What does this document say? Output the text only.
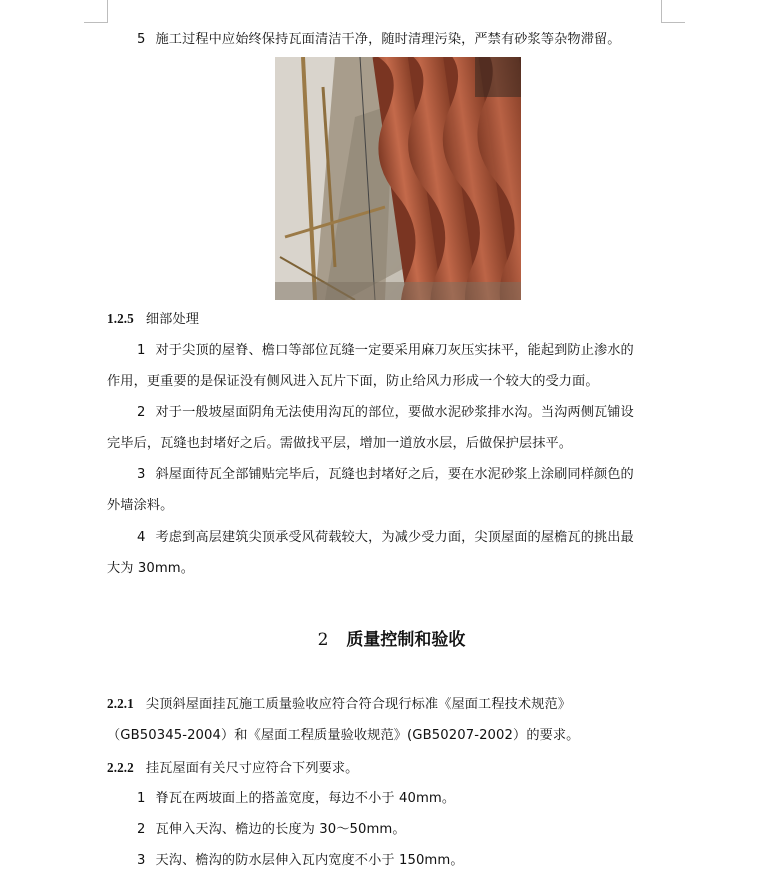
5 施工过程中应始终保持瓦面清洁干净，随时清理污染，严禁有砂浆等杂物滞留。
1.2.5 细部处理
1 对于尖顶的屋脊、檐口等部位瓦缝一定要采用麻刀灰压实抹平，能起到防止渗水的
作用，更重要的是保证没有侧风进入瓦片下面，防止给风力形成一个较大的受力面。
2 对于一般坡屋面阴角无法使用沟瓦的部位，要做水泥砂浆排水沟。当沟两侧瓦铺设
完毕后，瓦缝也封堵好之后。需做找平层，增加一道放水层，后做保护层抹平。
3 斜屋面待瓦全部铺贴完毕后，瓦缝也封堵好之后，要在水泥砂浆上涂刷同样颜色的
外墙涂料。
4 考虑到高层建筑尖顶承受风荷载较大，为减少受力面，尖顶屋面的屋檐瓦的挑出最
大为 30mm。
2 质量控制和验收
2.2.1 尖顶斜屋面挂瓦施工质量验收应符合符合现行标准《屋面工程技术规范》
（GB50345-2004）和《屋面工程质量验收规范》(GB50207-2002）的要求。
2.2.2 挂瓦屋面有关尺寸应符合下列要求。
1 脊瓦在两坡面上的搭盖宽度，每边不小于 40mm。
2 瓦伸入天沟、檐边的长度为 30～50mm。
3 天沟、檐沟的防水层伸入瓦内宽度不小于 150mm。
